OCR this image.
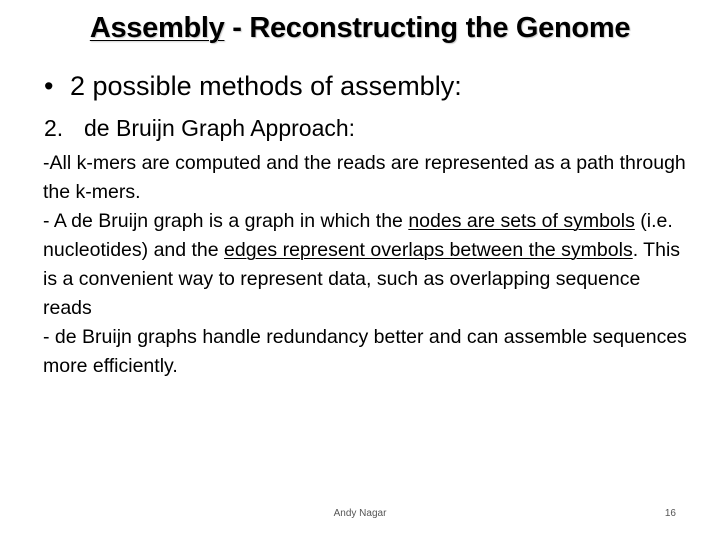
Assembly - Reconstructing the Genome
• 2 possible methods of assembly:
2. de Bruijn Graph Approach:

-All k-mers are computed and the reads are represented as a path through the k-mers.

- A de Bruijn graph is a graph in which the nodes are sets of symbols (i.e. nucleotides) and the edges represent overlaps between the symbols. This is a convenient way to represent data, such as overlapping sequence reads

- de Bruijn graphs handle redundancy better and can assemble sequences more efficiently.

Andy Nagar	16
